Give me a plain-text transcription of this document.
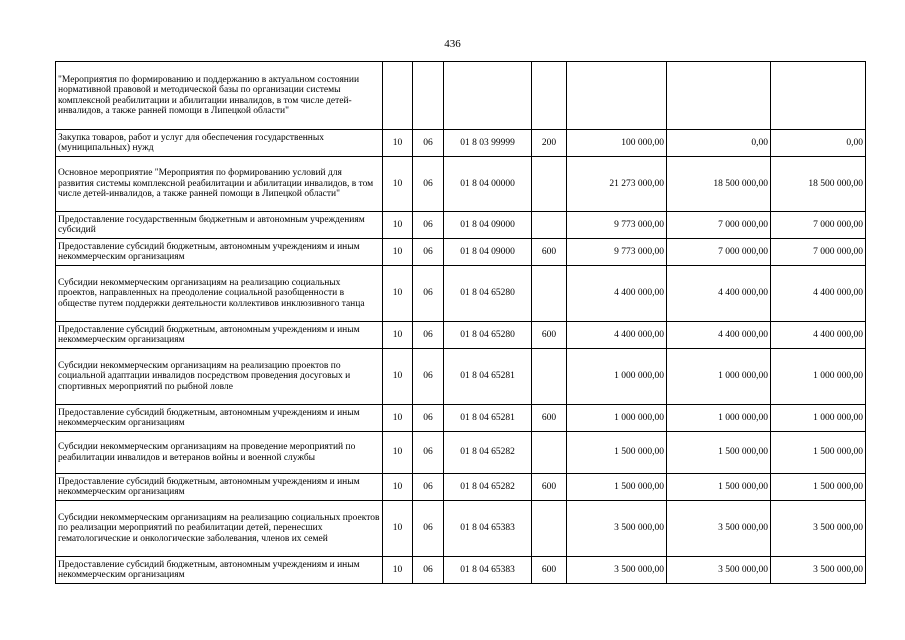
436
"Мероприятия по формированию и поддержанию в актуальном состоянии нормативной правовой и методической базы по организации системы комплексной реабилитации и абилитации инвалидов, в том числе детей-инвалидов, а также ранней помощи в Липецкой области"							
Закупка товаров, работ и услуг для обеспечения государственных (муниципальных) нужд	10	06	01 8 03 99999	200	100 000,00	0,00	0,00
Основное мероприятие "Мероприятия по формированию условий для развития системы комплексной реабилитации и абилитации инвалидов, в том числе детей-инвалидов, а также ранней помощи в Липецкой области"	10	06	01 8 04 00000		21 273 000,00	18 500 000,00	18 500 000,00
Предоставление государственным бюджетным и автономным учреждениям субсидий	10	06	01 8 04 09000		9 773 000,00	7 000 000,00	7 000 000,00
Предоставление субсидий бюджетным, автономным учреждениям и иным некоммерческим организациям	10	06	01 8 04 09000	600	9 773 000,00	7 000 000,00	7 000 000,00
Субсидии некоммерческим организациям на реализацию социальных проектов, направленных на преодоление социальной разобщенности в обществе путем поддержки деятельности коллективов инклюзивного танца	10	06	01 8 04 65280		4 400 000,00	4 400 000,00	4 400 000,00
Предоставление субсидий бюджетным, автономным учреждениям и иным некоммерческим организациям	10	06	01 8 04 65280	600	4 400 000,00	4 400 000,00	4 400 000,00
Субсидии некоммерческим организациям на реализацию проектов по социальной адаптации инвалидов посредством проведения досуговых и спортивных мероприятий по рыбной ловле	10	06	01 8 04 65281		1 000 000,00	1 000 000,00	1 000 000,00
Предоставление субсидий бюджетным, автономным учреждениям и иным некоммерческим организациям	10	06	01 8 04 65281	600	1 000 000,00	1 000 000,00	1 000 000,00
Субсидии некоммерческим организациям на проведение мероприятий по реабилитации инвалидов и ветеранов войны и военной службы	10	06	01 8 04 65282		1 500 000,00	1 500 000,00	1 500 000,00
Предоставление субсидий бюджетным, автономным учреждениям и иным некоммерческим организациям	10	06	01 8 04 65282	600	1 500 000,00	1 500 000,00	1 500 000,00
Субсидии некоммерческим организациям на реализацию социальных проектов по реализации мероприятий по реабилитации детей, перенесших гематологические и онкологические заболевания, членов их семей	10	06	01 8 04 65383		3 500 000,00	3 500 000,00	3 500 000,00
Предоставление субсидий бюджетным, автономным учреждениям и иным некоммерческим организациям	10	06	01 8 04 65383	600	3 500 000,00	3 500 000,00	3 500 000,00
